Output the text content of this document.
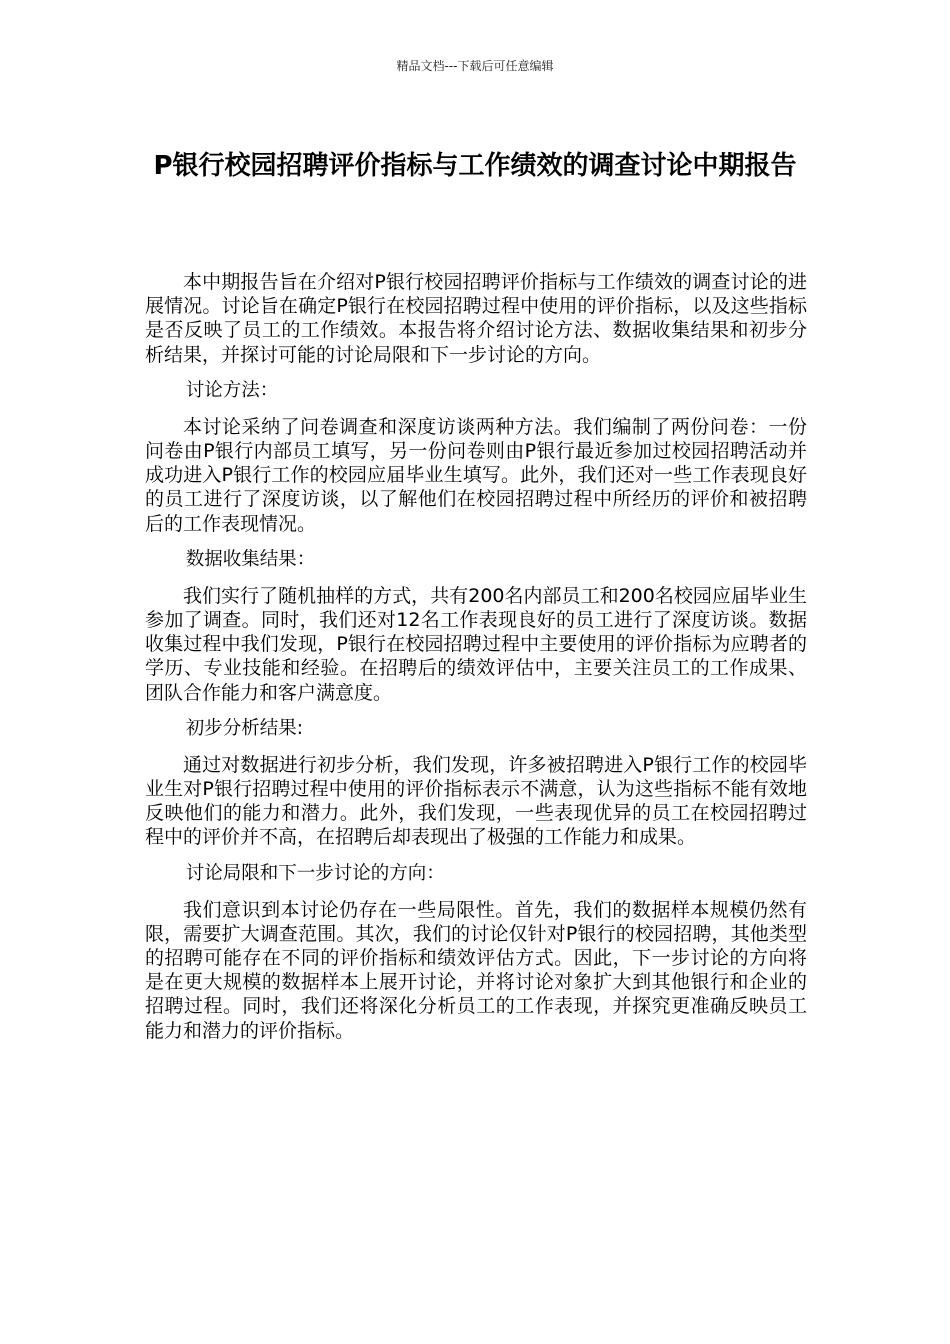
精品文档---下载后可任意编辑
P银行校园招聘评价指标与工作绩效的调查讨论中期报告

本中期报告旨在介绍对P银行校园招聘评价指标与工作绩效的调查讨论的进展情况。讨论旨在确定P银行在校园招聘过程中使用的评价指标，以及这些指标是否反映了员工的工作绩效。本报告将介绍讨论方法、数据收集结果和初步分析结果，并探讨可能的讨论局限和下一步讨论的方向。

讨论方法：

本讨论采纳了问卷调查和深度访谈两种方法。我们编制了两份问卷：一份问卷由P银行内部员工填写，另一份问卷则由P银行最近参加过校园招聘活动并成功进入P银行工作的校园应届毕业生填写。此外，我们还对一些工作表现良好的员工进行了深度访谈，以了解他们在校园招聘过程中所经历的评价和被招聘后的工作表现情况。

数据收集结果：

我们实行了随机抽样的方式，共有200名内部员工和200名校园应届毕业生参加了调查。同时，我们还对12名工作表现良好的员工进行了深度访谈。数据收集过程中我们发现，P银行在校园招聘过程中主要使用的评价指标为应聘者的学历、专业技能和经验。在招聘后的绩效评估中，主要关注员工的工作成果、团队合作能力和客户满意度。

初步分析结果:

通过对数据进行初步分析，我们发现，许多被招聘进入P银行工作的校园毕业生对P银行招聘过程中使用的评价指标表示不满意，认为这些指标不能有效地反映他们的能力和潜力。此外，我们发现，一些表现优异的员工在校园招聘过程中的评价并不高，在招聘后却表现出了极强的工作能力和成果。

讨论局限和下一步讨论的方向：

我们意识到本讨论仍存在一些局限性。首先，我们的数据样本规模仍然有限，需要扩大调查范围。其次，我们的讨论仅针对P银行的校园招聘，其他类型的招聘可能存在不同的评价指标和绩效评估方式。因此，下一步讨论的方向将是在更大规模的数据样本上展开讨论，并将讨论对象扩大到其他银行和企业的招聘过程。同时，我们还将深化分析员工的工作表现，并探究更准确反映员工能力和潜力的评价指标。
